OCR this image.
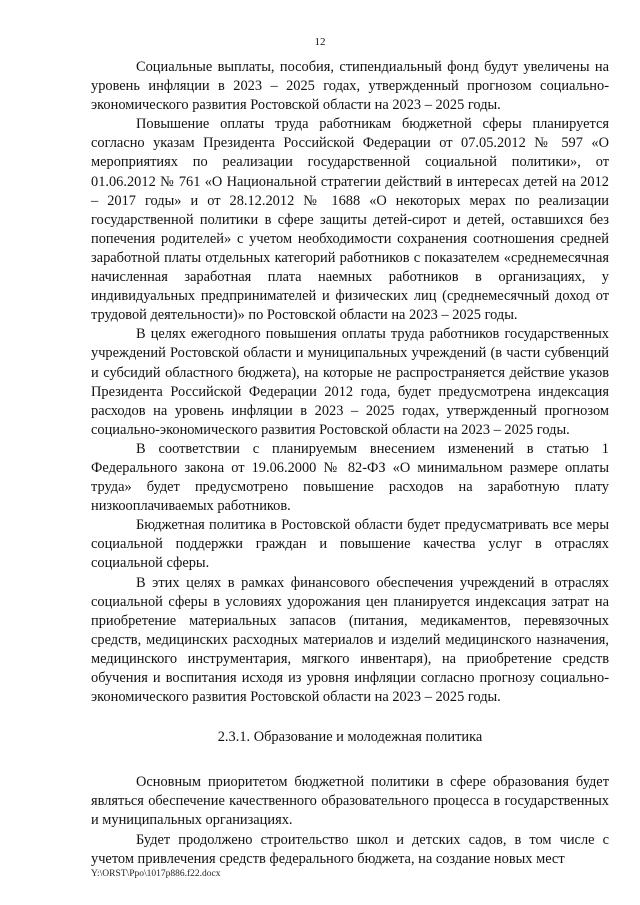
12

Социальные выплаты, пособия, стипендиальный фонд будут увеличены на уровень инфляции в 2023 – 2025 годах, утвержденный прогнозом социально-экономического развития Ростовской области на 2023 – 2025 годы.

Повышение оплаты труда работникам бюджетной сферы планируется согласно указам Президента Российской Федерации от 07.05.2012 № 597 «О мероприятиях по реализации государственной социальной политики», от 01.06.2012 № 761 «О Национальной стратегии действий в интересах детей на 2012 – 2017 годы» и от 28.12.2012 № 1688 «О некоторых мерах по реализации государственной политики в сфере защиты детей-сирот и детей, оставшихся без попечения родителей» с учетом необходимости сохранения соотношения средней заработной платы отдельных категорий работников с показателем «среднемесячная начисленная заработная плата наемных работников в организациях, у индивидуальных предпринимателей и физических лиц (среднемесячный доход от трудовой деятельности)» по Ростовской области на 2023 – 2025 годы.

В целях ежегодного повышения оплаты труда работников государственных учреждений Ростовской области и муниципальных учреждений (в части субвенций и субсидий областного бюджета), на которые не распространяется действие указов Президента Российской Федерации 2012 года, будет предусмотрена индексация расходов на уровень инфляции в 2023 – 2025 годах, утвержденный прогнозом социально-экономического развития Ростовской области на 2023 – 2025 годы.

В соответствии с планируемым внесением изменений в статью 1 Федерального закона от 19.06.2000 № 82-ФЗ «О минимальном размере оплаты труда» будет предусмотрено повышение расходов на заработную плату низкооплачиваемых работников.

Бюджетная политика в Ростовской области будет предусматривать все меры социальной поддержки граждан и повышение качества услуг в отраслях социальной сферы.

В этих целях в рамках финансового обеспечения учреждений в отраслях социальной сферы в условиях удорожания цен планируется индексация затрат на приобретение материальных запасов (питания, медикаментов, перевязочных средств, медицинских расходных материалов и изделий медицинского назначения, медицинского инструментария, мягкого инвентаря), на приобретение средств обучения и воспитания исходя из уровня инфляции согласно прогнозу социально-экономического развития Ростовской области на 2023 – 2025 годы.

2.3.1. Образование и молодежная политика

Основным приоритетом бюджетной политики в сфере образования будет являться обеспечение качественного образовательного процесса в государственных и муниципальных организациях.

Будет продолжено строительство школ и детских садов, в том числе с учетом привлечения средств федерального бюджета, на создание новых мест

Y:\ORST\Ppo\1017p886.f22.docx
